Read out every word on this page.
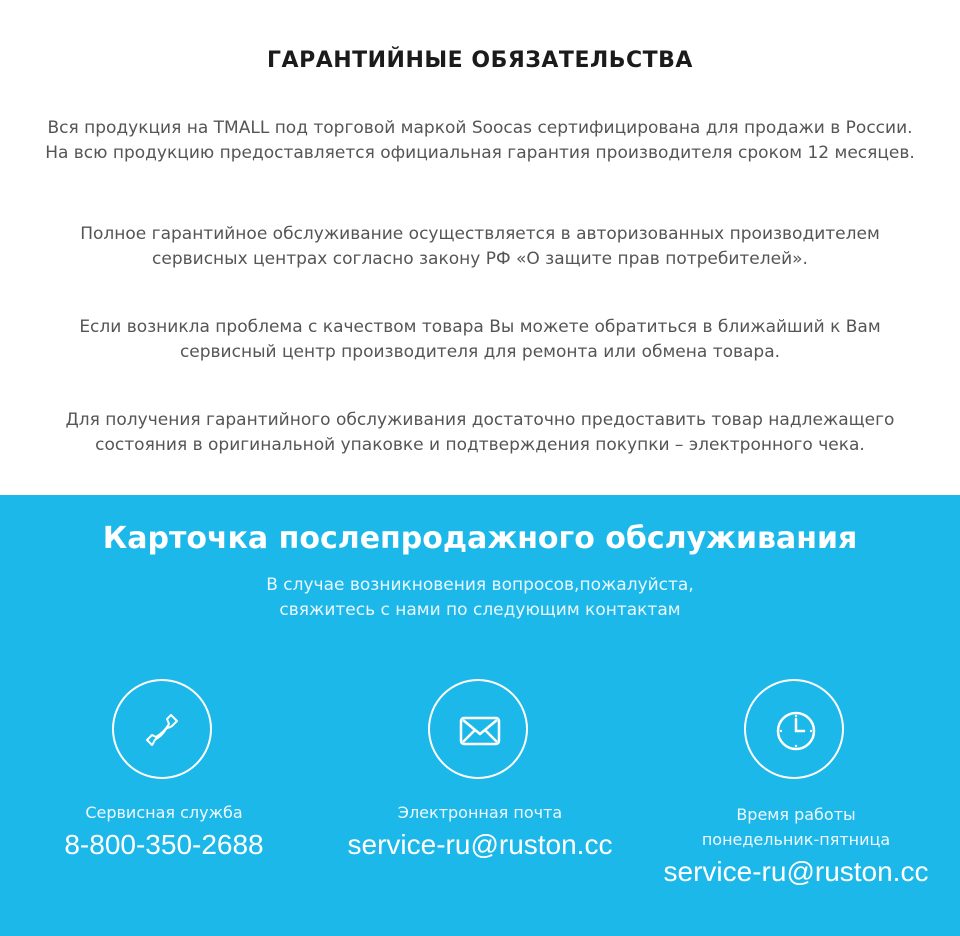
ГАРАНТИЙНЫЕ ОБЯЗАТЕЛЬСТВА
Вся продукция на TMALL под торговой маркой Soocas сертифицирована для продажи в России. На всю продукцию предоставляется официальная гарантия производителя сроком 12 месяцев.
Полное гарантийное обслуживание осуществляется в авторизованных производителем сервисных центрах согласно закону РФ «О защите прав потребителей».
Если возникла проблема с качеством товара Вы можете обратиться в ближайший к Вам сервисный центр производителя для ремонта или обмена товара.
Для получения гарантийного обслуживания достаточно предоставить товар надлежащего состояния в оригинальной упаковке и подтверждения покупки – электронного чека.
Карточка послепродажного обслуживания
В случае возникновения вопросов,пожалуйста,
свяжитесь с нами по следующим контактам
Сервисная служба
8-800-350-2688
Электронная почта
service-ru@ruston.cc
Время работы
понедельник-пятница
service-ru@ruston.cc
